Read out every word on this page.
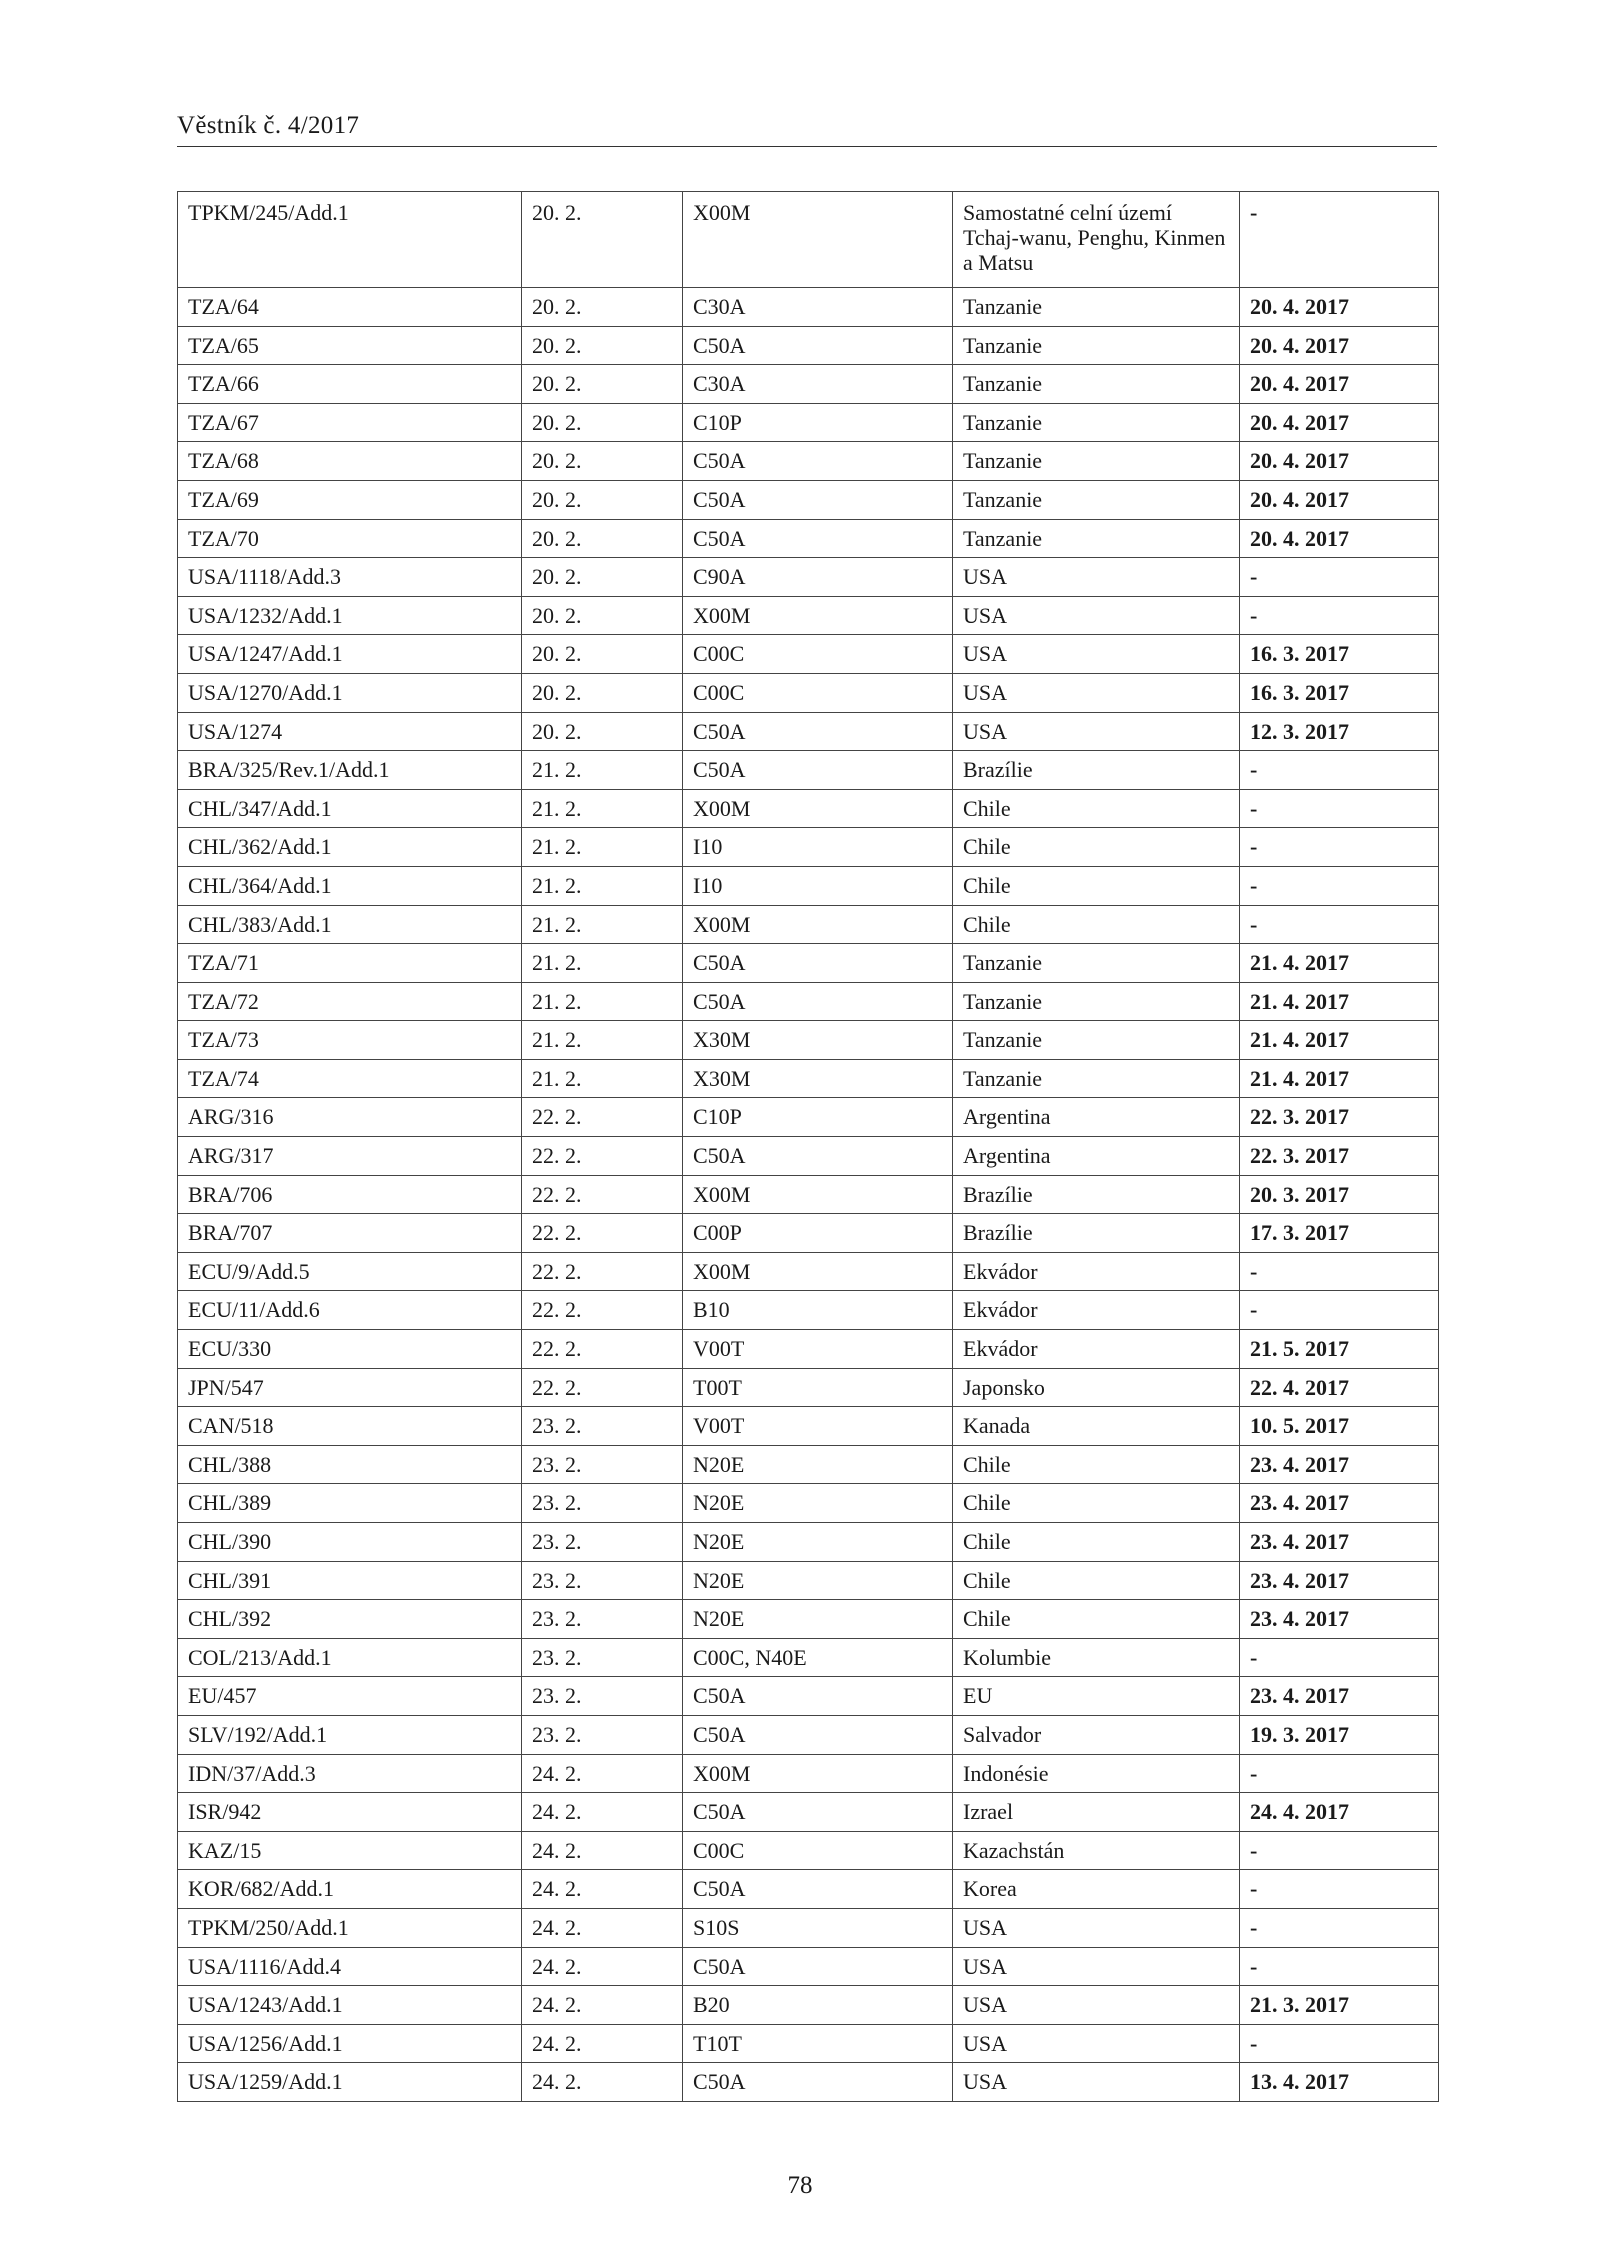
Věstník č. 4/2017
TPKM/245/Add.1	20. 2.	X00M	Samostatné celní území Tchaj-wanu, Penghu, Kinmen a Matsu	-
TZA/64	20. 2.	C30A	Tanzanie	20. 4. 2017
TZA/65	20. 2.	C50A	Tanzanie	20. 4. 2017
TZA/66	20. 2.	C30A	Tanzanie	20. 4. 2017
TZA/67	20. 2.	C10P	Tanzanie	20. 4. 2017
TZA/68	20. 2.	C50A	Tanzanie	20. 4. 2017
TZA/69	20. 2.	C50A	Tanzanie	20. 4. 2017
TZA/70	20. 2.	C50A	Tanzanie	20. 4. 2017
USA/1118/Add.3	20. 2.	C90A	USA	-
USA/1232/Add.1	20. 2.	X00M	USA	-
USA/1247/Add.1	20. 2.	C00C	USA	16. 3. 2017
USA/1270/Add.1	20. 2.	C00C	USA	16. 3. 2017
USA/1274	20. 2.	C50A	USA	12. 3. 2017
BRA/325/Rev.1/Add.1	21. 2.	C50A	Brazílie	-
CHL/347/Add.1	21. 2.	X00M	Chile	-
CHL/362/Add.1	21. 2.	I10	Chile	-
CHL/364/Add.1	21. 2.	I10	Chile	-
CHL/383/Add.1	21. 2.	X00M	Chile	-
TZA/71	21. 2.	C50A	Tanzanie	21. 4. 2017
TZA/72	21. 2.	C50A	Tanzanie	21. 4. 2017
TZA/73	21. 2.	X30M	Tanzanie	21. 4. 2017
TZA/74	21. 2.	X30M	Tanzanie	21. 4. 2017
ARG/316	22. 2.	C10P	Argentina	22. 3. 2017
ARG/317	22. 2.	C50A	Argentina	22. 3. 2017
BRA/706	22. 2.	X00M	Brazílie	20. 3. 2017
BRA/707	22. 2.	C00P	Brazílie	17. 3. 2017
ECU/9/Add.5	22. 2.	X00M	Ekvádor	-
ECU/11/Add.6	22. 2.	B10	Ekvádor	-
ECU/330	22. 2.	V00T	Ekvádor	21. 5. 2017
JPN/547	22. 2.	T00T	Japonsko	22. 4. 2017
CAN/518	23. 2.	V00T	Kanada	10. 5. 2017
CHL/388	23. 2.	N20E	Chile	23. 4. 2017
CHL/389	23. 2.	N20E	Chile	23. 4. 2017
CHL/390	23. 2.	N20E	Chile	23. 4. 2017
CHL/391	23. 2.	N20E	Chile	23. 4. 2017
CHL/392	23. 2.	N20E	Chile	23. 4. 2017
COL/213/Add.1	23. 2.	C00C, N40E	Kolumbie	-
EU/457	23. 2.	C50A	EU	23. 4. 2017
SLV/192/Add.1	23. 2.	C50A	Salvador	19. 3. 2017
IDN/37/Add.3	24. 2.	X00M	Indonésie	-
ISR/942	24. 2.	C50A	Izrael	24. 4. 2017
KAZ/15	24. 2.	C00C	Kazachstán	-
KOR/682/Add.1	24. 2.	C50A	Korea	-
TPKM/250/Add.1	24. 2.	S10S	USA	-
USA/1116/Add.4	24. 2.	C50A	USA	-
USA/1243/Add.1	24. 2.	B20	USA	21. 3. 2017
USA/1256/Add.1	24. 2.	T10T	USA	-
USA/1259/Add.1	24. 2.	C50A	USA	13. 4. 2017
78
